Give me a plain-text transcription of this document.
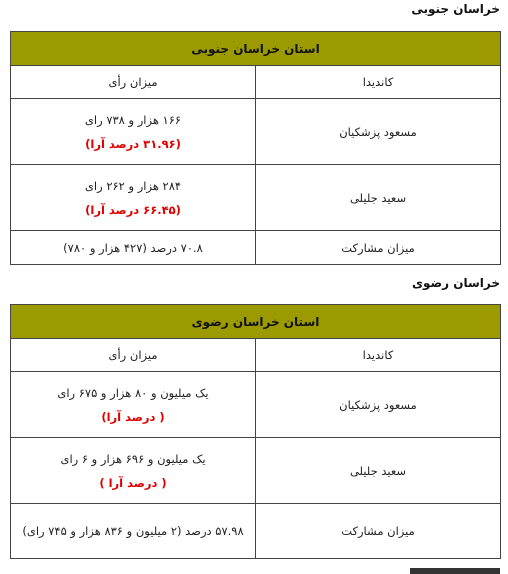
خراسان جنوبی
استان خراسان جنوبی	
کاندیدا	میزان رأی
مسعود پزشکیان	۱۶۶ هزار و ۷۳۸ رای
(۳۱.۹۶ درصد آرا)

سعید جلیلی	۲۸۴ هزار و ۲۶۲ رای
(۶۶.۴۵ درصد آرا)

میزان مشارکت	۷۰.۸ درصد (۴۲۷ هزار و ۷۸۰)
خراسان رضوی
استان خراسان رضوی	
کاندیدا	میزان رأی
مسعود پزشکیان	یک میلیون و ۸۰ هزار و ۶۷۵ رای
( درصد آرا)

سعید جلیلی	یک میلیون و ۶۹۶ هزار و ۶ رای
( درصد آرا )

میزان مشارکت	۵۷.۹۸ درصد (۲ میلیون و ۸۳۶ هزار و ۷۴۵ رای)
